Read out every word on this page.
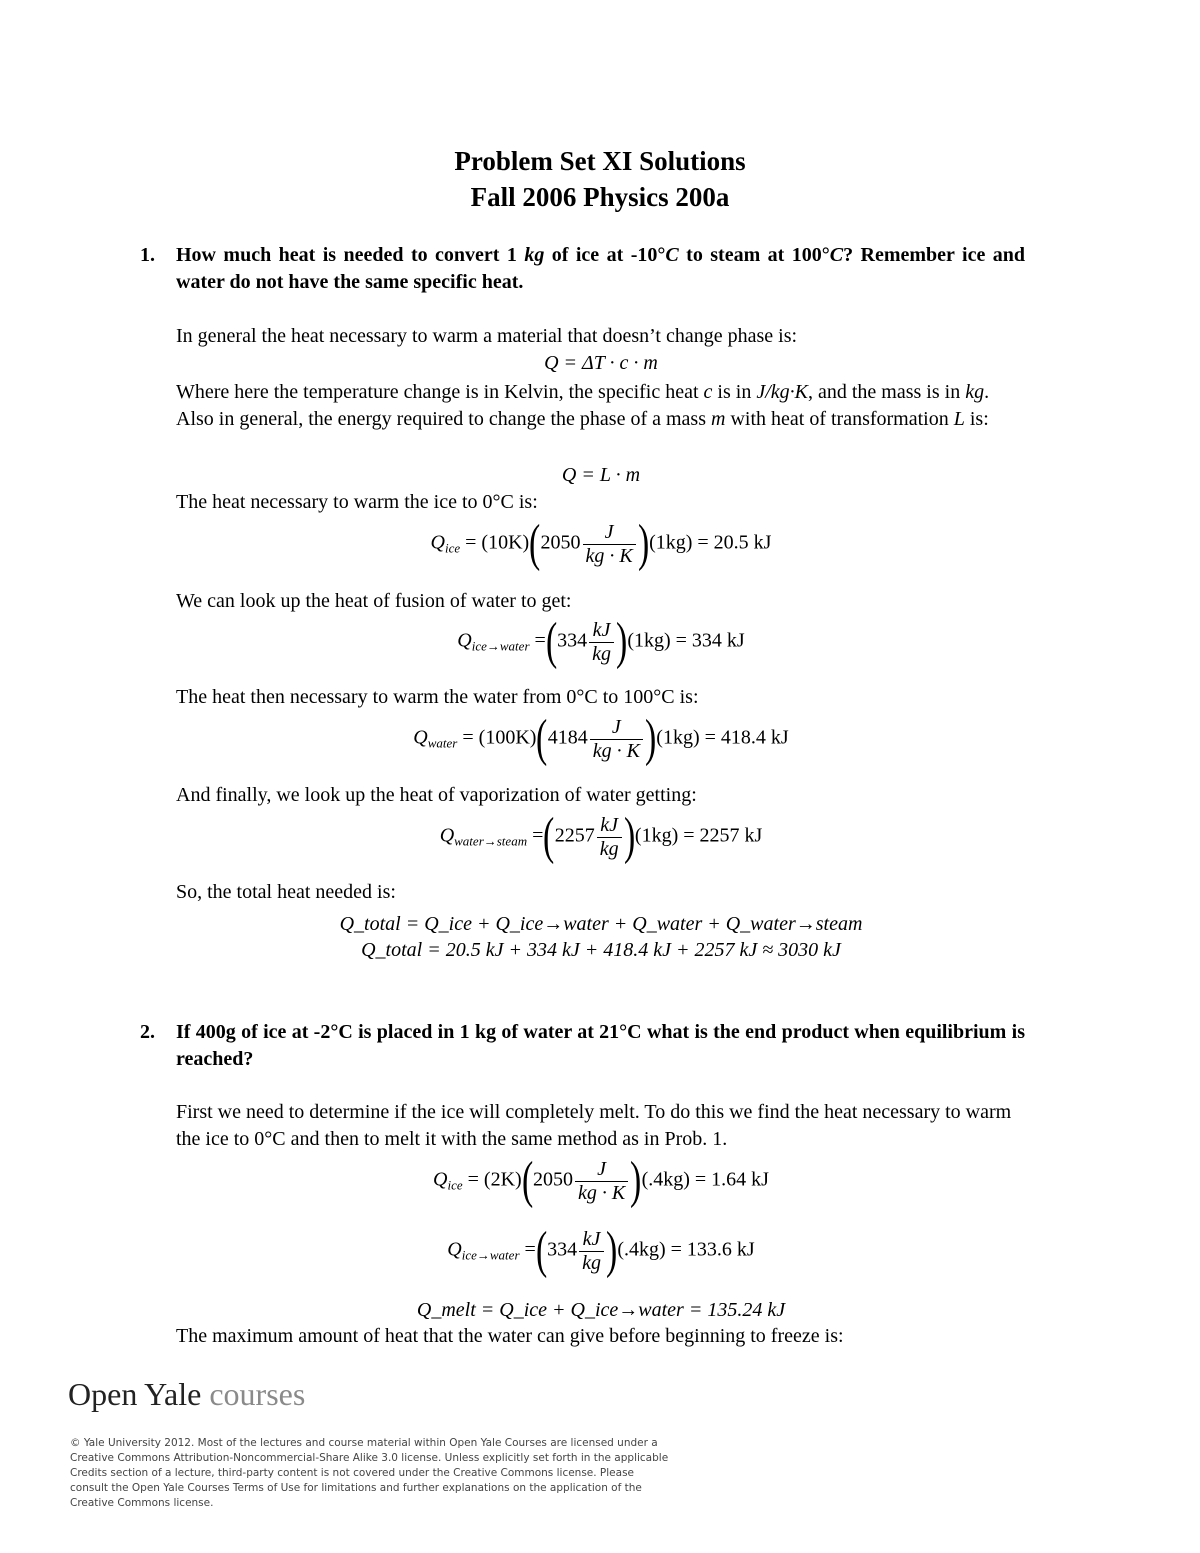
Problem Set XI Solutions
Fall 2006 Physics 200a
1. How much heat is needed to convert 1 kg of ice at -10°C to steam at 100°C? Remember ice and water do not have the same specific heat.
In general the heat necessary to warm a material that doesn’t change phase is:
Q = ΔT · c · m
Where here the temperature change is in Kelvin, the specific heat c is in J/kg·K, and the mass is in kg. Also in general, the energy required to change the phase of a mass m with heat of transformation L is:
Q = L · m
The heat necessary to warm the ice to 0°C is:
$Q_{ice} = (10K)(2050 \frac{J}{kg \cdot K} )(1kg) = 20.5$ kJ
We can look up the heat of fusion of water to get:
$Q_{ice\to water} =(334 \frac{kJ}{kg} )(1kg) = 334$ kJ
The heat then necessary to warm the water from 0°C to 100°C is:
$Q_{water} = (100K)(4184 \frac{J}{kg \cdot K} )(1kg) = 418.4$ kJ
And finally, we look up the heat of vaporization of water getting:
$Q_{water\to steam} =(2257 \frac{kJ}{kg} )(1kg) = 2257$ kJ
So, the total heat needed is:
Q_total = Q_ice + Q_ice→water + Q_water + Q_water→steam
Q_total = 20.5 kJ + 334 kJ + 418.4 kJ + 2257 kJ ≈ 3030 kJ
2. If 400g of ice at -2°C is placed in 1 kg of water at 21°C what is the end product when equilibrium is reached?
First we need to determine if the ice will completely melt. To do this we find the heat necessary to warm the ice to 0°C and then to melt it with the same method as in Prob. 1.
$Q_{ice} = (2K)(2050 \frac{J}{kg \cdot K} )(.4kg) = 1.64$ kJ
$Q_{ice\to water} =(334 \frac{kJ}{kg} )(.4kg) = 133.6$ kJ
Q_melt = Q_ice + Q_ice→water = 135.24 kJ
The maximum amount of heat that the water can give before beginning to freeze is:
Open Yale courses
© Yale University 2012. Most of the lectures and course material within Open Yale Courses are licensed under a Creative Commons Attribution-Noncommercial-Share Alike 3.0 license. Unless explicitly set forth in the applicable Credits section of a lecture, third-party content is not covered under the Creative Commons license. Please consult the Open Yale Courses Terms of Use for limitations and further explanations on the application of the Creative Commons license.
